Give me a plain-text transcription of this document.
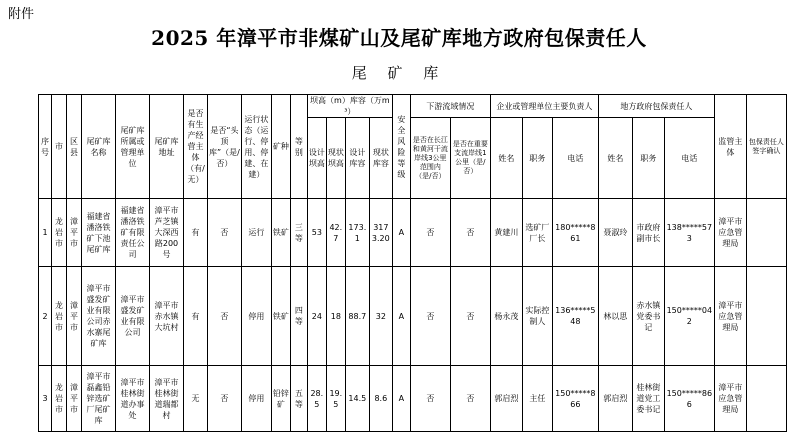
附件
2025 年漳平市非煤矿山及尾矿库地方政府包保责任人
尾 矿 库
序号	市	区县	尾矿库名称	尾矿库所属或管理单位	尾矿库地址	是否有生产经营主体（有/无）	是否“头顶库”（是/否）	运行状态（运行、停用、停建、在建）	矿种	等别	坝高（m）库容（万m³）				安全风险等级	下游流域情况		企业或管理单位主要负责人			地方政府包保责任人			监管主体	包保责任人签字确认
											设计坝高	现状坝高	设计库容	现状库容		是否在长江和黄河干流岸线3公里范围内（是/否）	是否在重要支流岸线1公里（是/否）	姓名	职务	电话	姓名	职务	电话		
1	龙岩市	漳平市	福建省潘洛铁矿下池尾矿库	福建省潘洛铁矿有限责任公司	漳平市芦芝镇大深西路200号	有	否	运行	铁矿	三等	53	42.7	173.1	3173.20	A	否	否	黄建川	选矿厂厂长	180*****861	聂淑玲	市政府副市长	138*****573	漳平市应急管理局	
2	龙岩市	漳平市	漳平市盛发矿业有限公司赤水寨尾矿库	漳平市盛发矿业有限公司	漳平市赤水镇大坑村	有	否	停用	铁矿	四等	24	18	88.7	32	A	否	否	杨永茂	实际控制人	136*****548	林以思	赤水镇党委书记	150*****042	漳平市应急管理局	
3	龙岩市	漳平市	漳平市磊鑫铅锌选矿厂尾矿库	漳平市桂林街道办事处	漳平市桂林街道瑞都村	无	否	停用	铅锌矿	五等	28.5	19.5	14.5	8.6	A	否	否	郭启烈	主任	150*****866	郭启烈	桂林街道党工委书记	150*****866	漳平市应急管理局	
